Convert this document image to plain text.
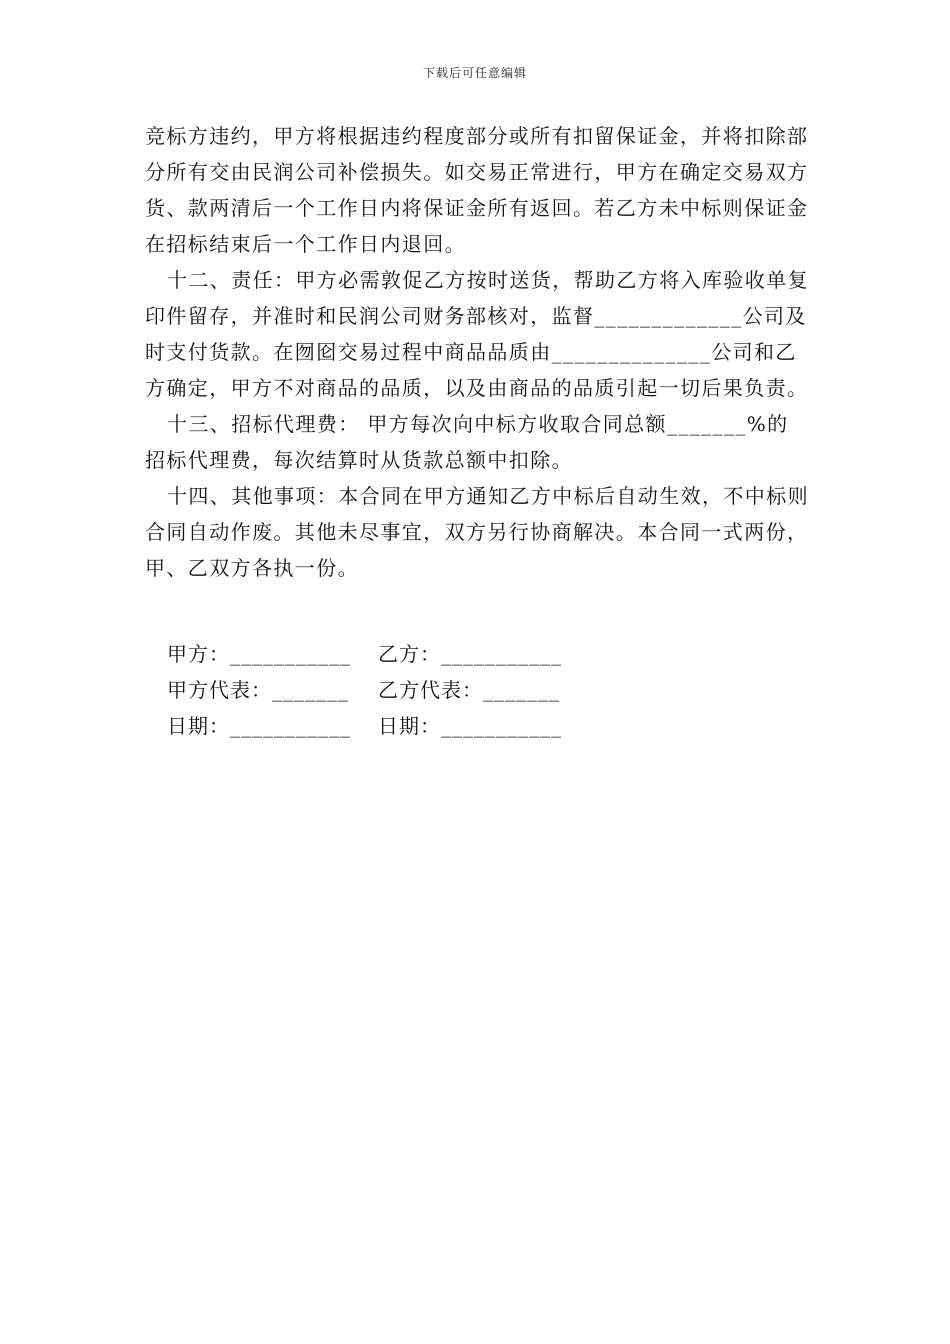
下载后可任意编辑

竞标方违约，甲方将根据违约程度部分或所有扣留保证金，并将扣除部分所有交由民润公司补偿损失。如交易正常进行，甲方在确定交易双方货、款两清后一个工作日内将保证金所有返回。若乙方未中标则保证金在招标结束后一个工作日内退回。

十二、责任：甲方必需敦促乙方按时送货，帮助乙方将入库验收单复印件留存，并准时和民润公司财务部核对，监督_____________公司及时支付货款。在囫囵交易过程中商品品质由______________公司和乙方确定，甲方不对商品的品质，以及由商品的品质引起一切后果负责。

十三、招标代理费： 甲方每次向中标方收取合同总额_______%的招标代理费，每次结算时从货款总额中扣除。

十四、其他事项：本合同在甲方通知乙方中标后自动生效，不中标则合同自动作废。其他未尽事宜，双方另行协商解决。本合同一式两份，甲、乙双方各执一份。

甲方：___________	乙方：___________
甲方代表：_______	乙方代表：_______
日期：___________	日期：___________
